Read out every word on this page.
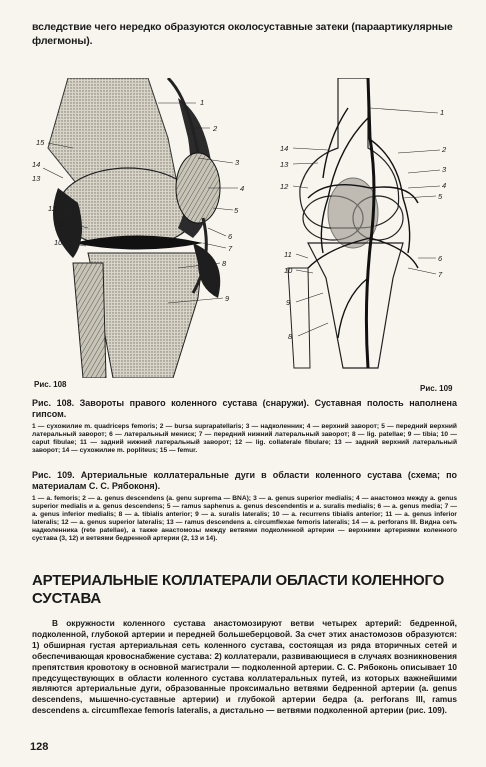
вследствие чего нередко образуются околосуставные затеки (параартикулярные флегмоны).
1
2
3
4
5
6
7
8
9
10
11
12
13
14
15
1
2
3
4
5
6
7
8
9
10
11
12
13
14
Рис. 108	Рис. 109
Рис. 108. Завороты правого коленного сустава (снаружи). Суставная полость наполнена гипсом.
1 — сухожилие m. quadriceps femoris; 2 — bursa suprapatellaris; 3 — надколенник; 4 — верхний заворот; 5 — передний верхний латеральный заворот; 6 — латеральный мениск; 7 — передний нижний латеральный заворот; 8 — lig. patellae; 9 — tibia; 10 — caput fibulae; 11 — задний нижний латеральный заворот; 12 — lig. collaterale fibulare; 13 — задний верхний латеральный заворот; 14 — сухожилие m. popliteus; 15 — femur.
Рис. 109. Артериальные коллатеральные дуги в области коленного сустава (схема; по материалам С. С. Рябоконя).
1 — a. femoris; 2 — a. genus descendens (a. genu suprema — BNA); 3 — a. genus superior medialis; 4 — анастомоз между a. genus superior medialis и a. genus descendens; 5 — ramus saphenus a. genus descendentis и a. suralis medialis; 6 — a. genus media; 7 — a. genus inferior medialis; 8 — a. tibialis anterior; 9 — a. suralis lateralis; 10 — a. recurrens tibialis anterior; 11 — a. genus inferior lateralis; 12 — a. genus superior lateralis; 13 — ramus descendens a. circumflexae femoris lateralis; 14 — a. perforans III. Видна сеть надколенника (rete patellae), а также анастомозы между ветвями подколенной артерии — верхними артериями коленного сустава (3, 12) и ветвями бедренной артерии (2, 13 и 14).
АРТЕРИАЛЬНЫЕ КОЛЛАТЕРАЛИ ОБЛАСТИ КОЛЕННОГО СУСТАВА
В окружности коленного сустава анастомозируют ветви четырех артерий: бедренной, подколенной, глубокой артерии и передней большеберцовой. За счет этих анастомозов образуются: 1) обширная густая артериальная сеть коленного сустава, состоящая из ряда вторичных сетей и обеспечивающая кровоснабжение сустава: 2) коллатерали, развивающиеся в случаях возникновения препятствия кровотоку в основной магистрали — подколенной артерии. С. С. Рябоконь описывает 10 предсуществующих в области коленного сустава коллатеральных путей, из которых важнейшими являются артериальные дуги, образованные проксимально ветвями бедренной артерии (a. genus descendens, мышечно-суставные артерии) и глубокой артерии бедра (a. perforans III, ramus descendens a. circumflexae femoris lateralis, а дистально — ветвями подколенной артерии (рис. 109).
128
